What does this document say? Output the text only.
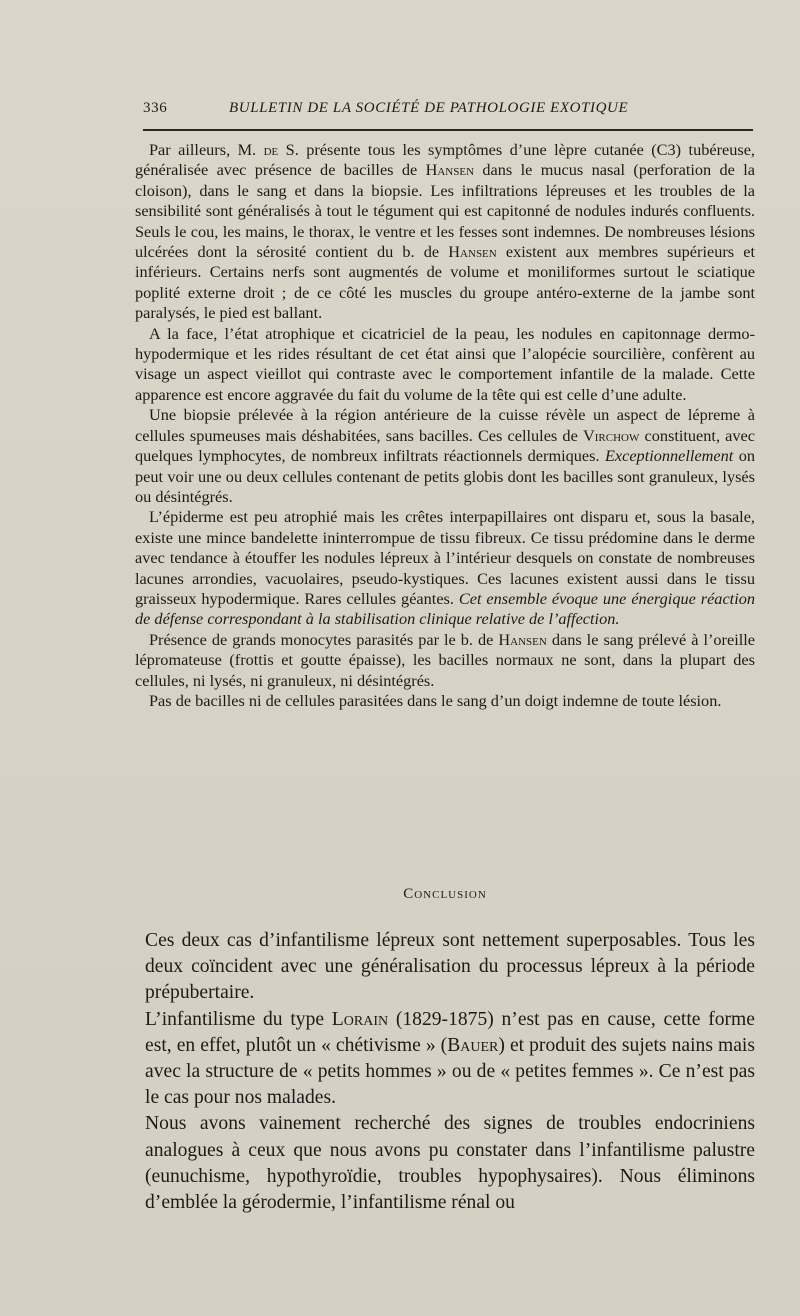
336	BULLETIN DE LA SOCIÉTÉ DE PATHOLOGIE EXOTIQUE

Par ailleurs, M. de S. présente tous les symptômes d’une lèpre cutanée (C3) tubéreuse, généralisée avec présence de bacilles de Hansen dans le mucus nasal (perforation de la cloison), dans le sang et dans la biopsie. Les infiltrations lépreuses et les troubles de la sensibilité sont généralisés à tout le tégument qui est capitonné de nodules indurés confluents. Seuls le cou, les mains, le thorax, le ventre et les fesses sont indemnes. De nombreuses lésions ulcérées dont la sérosité contient du b. de Hansen existent aux membres supérieurs et inférieurs. Certains nerfs sont augmentés de volume et moniliformes surtout le sciatique poplité externe droit ; de ce côté les muscles du groupe antéro-externe de la jambe sont paralysés, le pied est ballant.

A la face, l’état atrophique et cicatriciel de la peau, les nodules en capitonnage dermo-hypodermique et les rides résultant de cet état ainsi que l’alopécie sourcilière, confèrent au visage un aspect vieillot qui contraste avec le comportement infantile de la malade. Cette apparence est encore aggravée du fait du volume de la tête qui est celle d’une adulte.

Une biopsie prélevée à la région antérieure de la cuisse révèle un aspect de lépreme à cellules spumeuses mais déshabitées, sans bacilles. Ces cellules de Virchow constituent, avec quelques lymphocytes, de nombreux infiltrats réactionnels dermiques. Exceptionnellement on peut voir une ou deux cellules contenant de petits globis dont les bacilles sont granuleux, lysés ou désintégrés.

L’épiderme est peu atrophié mais les crêtes interpapillaires ont disparu et, sous la basale, existe une mince bandelette ininterrompue de tissu fibreux. Ce tissu prédomine dans le derme avec tendance à étouffer les nodules lépreux à l’intérieur desquels on constate de nombreuses lacunes arrondies, vacuolaires, pseudo-kystiques. Ces lacunes existent aussi dans le tissu graisseux hypodermique. Rares cellules géantes. Cet ensemble évoque une énergique réaction de défense correspondant à la stabilisation clinique relative de l’affection.

Présence de grands monocytes parasités par le b. de Hansen dans le sang prélevé à l’oreille lépromateuse (frottis et goutte épaisse), les bacilles normaux ne sont, dans la plupart des cellules, ni lysés, ni granuleux, ni désintégrés.

Pas de bacilles ni de cellules parasitées dans le sang d’un doigt indemne de toute lésion.

Conclusion

Ces deux cas d’infantilisme lépreux sont nettement superposables. Tous les deux coïncident avec une généralisation du processus lépreux à la période prépubertaire.

L’infantilisme du type Lorain (1829-1875) n’est pas en cause, cette forme est, en effet, plutôt un « chétivisme » (Bauer) et produit des sujets nains mais avec la structure de « petits hommes » ou de « petites femmes ». Ce n’est pas le cas pour nos malades.

Nous avons vainement recherché des signes de troubles endocriniens analogues à ceux que nous avons pu constater dans l’infantilisme palustre (eunuchisme, hypothyroïdie, troubles hypophysaires). Nous éliminons d’emblée la gérodermie, l’infantilisme rénal ou
